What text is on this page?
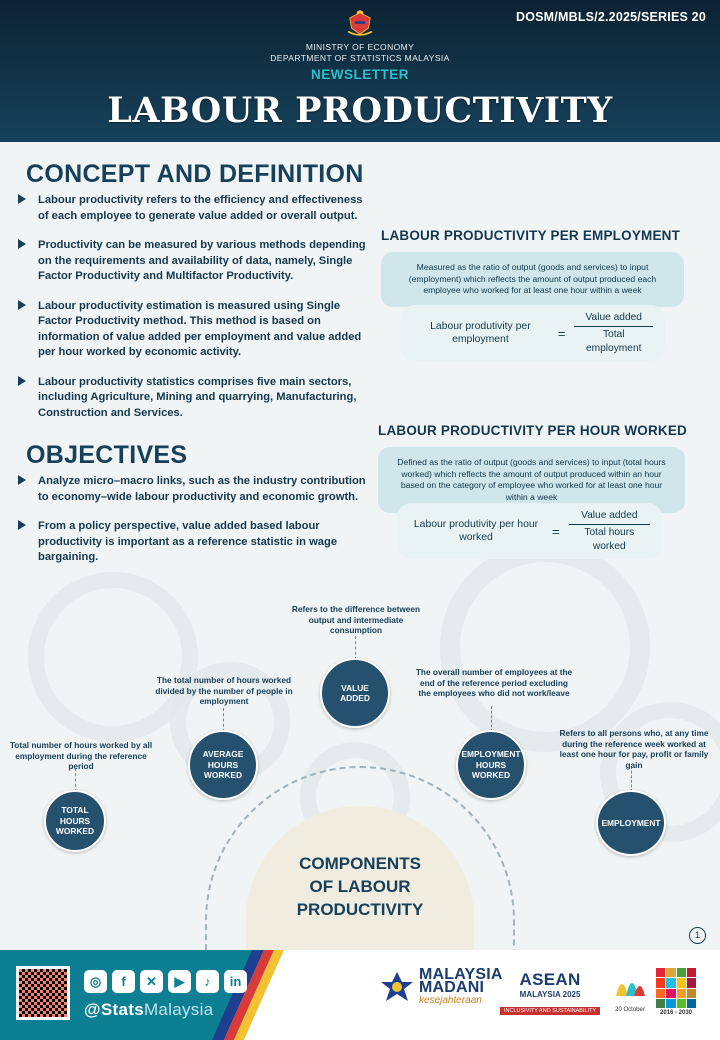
DOSM/MBLS/2.2025/SERIES 20
MINISTRY OF ECONOMY
DEPARTMENT OF STATISTICS MALAYSIA
NEWSLETTER
LABOUR PRODUCTIVITY
CONCEPT AND DEFINITION
Labour productivity refers to the efficiency and effectiveness of each employee to generate value added or overall output.
Productivity can be measured by various methods depending on the requirements and availability of data, namely, Single Factor Productivity and Multifactor Productivity.
Labour productivity estimation is measured using Single Factor Productivity method. This method is based on information of value added per employment and value added per hour worked by economic activity.
Labour productivity statistics comprises five main sectors, including Agriculture, Mining and quarrying, Manufacturing, Construction and Services.
OBJECTIVES
Analyze micro–macro links, such as the industry contribution to economy–wide labour productivity and economic growth.
From a policy perspective, value added based labour productivity is important as a reference statistic in wage bargaining.
LABOUR PRODUCTIVITY PER EMPLOYMENT
Measured as the ratio of output (goods and services) to input (employment) which reflects the amount of output produced each employee who worked for at least one hour within a week
Labour produtivity per employment	= $\frac{\text{Value added}}{\text{Total employment}}$
LABOUR PRODUCTIVITY PER HOUR WORKED
Defined as the ratio of output (goods and services) to input (total hours worked) which reflects the amount of output produced within an hour based on the category of employee who worked for at least one hour within a week
Labour produtivity per hour worked	= $\frac{\text{Value added}}{\text{Total hours worked}}$
COMPONENTS
OF LABOUR
PRODUCTIVITY
Total number of hours worked by all employment during the reference period
The total number of hours worked divided by the number of people in employment
Refers to the difference between output and intermediate consumption
The overall number of employees at the end of the reference period excluding the employees who did not work/leave
Refers to all persons who, at any time during the reference week worked at least one hour for pay, profit or family gain
TOTAL HOURS WORKED
AVERAGE HOURS WORKED
VALUE ADDED
EMPLOYMENT HOURS WORKED
EMPLOYMENT
1
◎	f	✕	▶	♪	in
@StatsMalaysia
MALAYSIA
MADANI
kesejahteraan
ASEAN
MALAYSIA 2025
INCLUSIVITY AND SUSTAINABILITY	20 October	2016 - 2030
